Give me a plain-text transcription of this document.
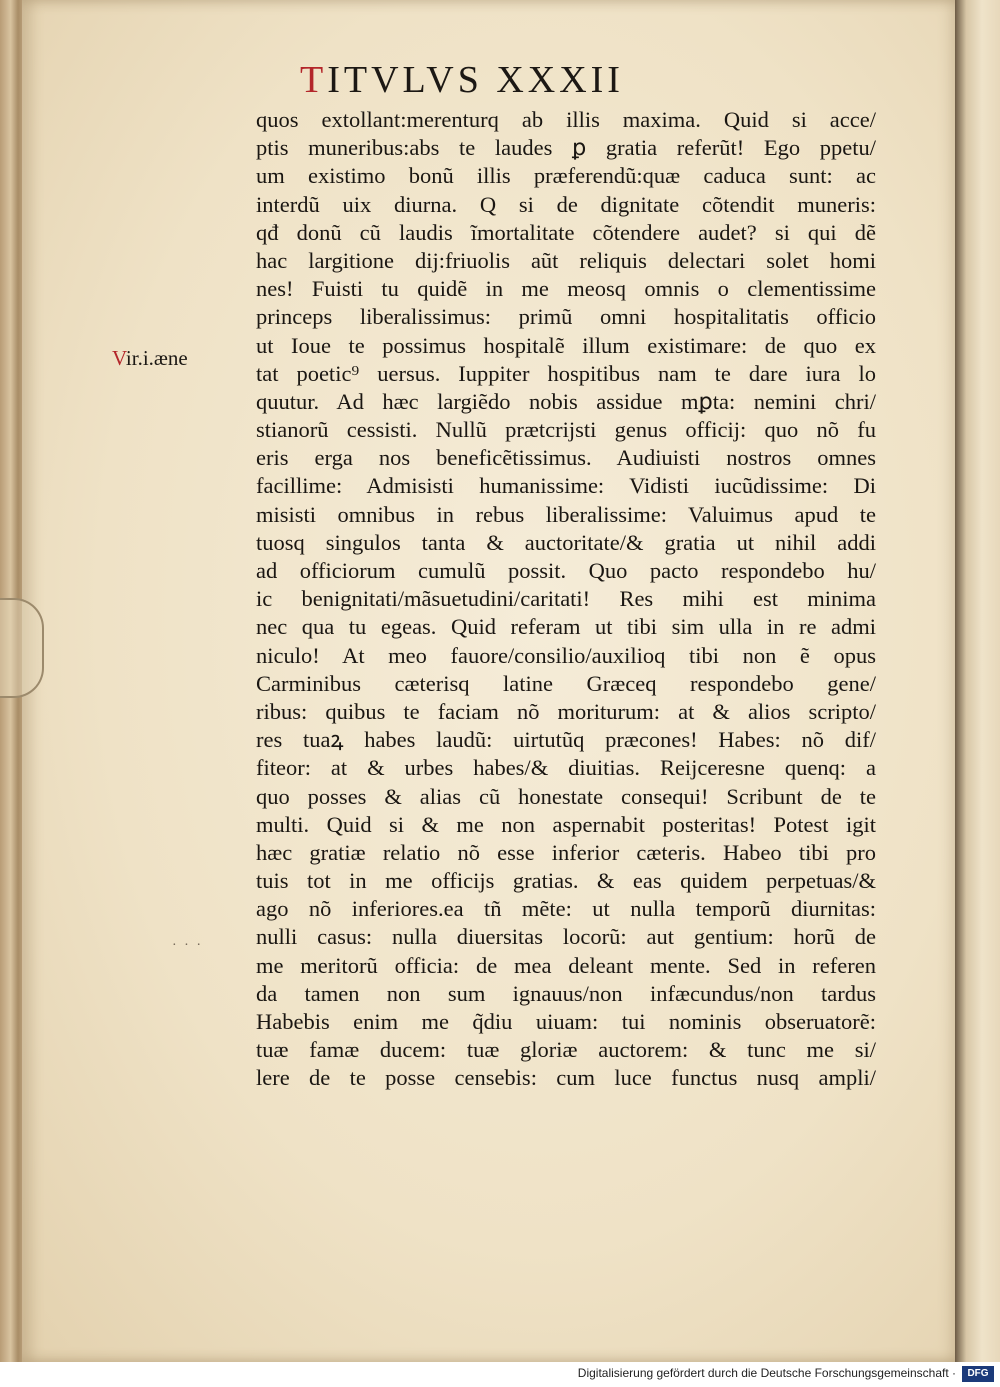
TITVLVS XXXII
Vir.i.æne
quos extollant:merenturq ab illis maxima. Quid si acce/
ptis muneribus:abs te laudes ꝑ gratia referũt! Ego ppetu/
um existimo bonũ illis præferendũ:quæ caduca sunt: ac
interdũ uix diurna. Q si de dignitate cõtendit muneris:
qđ donũ cũ laudis ĩmortalitate cõtendere audet? si qui dẽ
hac largitione dij:friuolis aũt reliquis delectari solet homi
nes! Fuisti tu quidẽ in me meosq omnis o clementissime
princeps liberalissimus: primũ omni hospitalitatis officio
ut Ioue te possimus hospitalẽ illum existimare: de quo ex
tat poetic⁹ uersus. Iuppiter hospitibus nam te dare iura lo
quutur. Ad hæc largiẽdo nobis assidue mꝑta: nemini chri/
stianorũ cessisti. Nullũ prætcrijsti genus officij: quo nõ fu
eris erga nos beneficẽtissimus. Audiuisti nostros omnes
facillime: Admisisti humanissime: Vidisti iucũdissime: Di
misisti omnibus in rebus liberalissime: Valuimus apud te
tuosq singulos tanta & auctoritate/& gratia ut nihil addi
ad officiorum cumulũ possit. Quo pacto respondebo hu/
ic benignitati/mãsuetudini/caritati! Res mihi est minima
nec qua tu egeas. Quid referam ut tibi sim ulla in re admi
niculo! At meo fauore/consilio/auxilioq tibi non ẽ opus
Carminibus cæterisq latine Græceq respondebo gene/
ribus: quibus te faciam nõ moriturum: at & alios scripto/
res tuaꝝ habes laudũ: uirtutũq præcones! Habes: nõ dif/
fiteor: at & urbes habes/& diuitias. Reijceresne quenq: a
quo posses & alias cũ honestate consequi! Scribunt de te
multi. Quid si & me non aspernabit posteritas! Potest igit
hæc gratiæ relatio nõ esse inferior cæteris. Habeo tibi pro
tuis tot in me officijs gratias. & eas quidem perpetuas/&
ago nõ inferiores.ea tñ mẽte: ut nulla temporũ diurnitas:
nulli casus: nulla diuersitas locorũ: aut gentium: horũ de
me meritorũ officia: de mea deleant mente. Sed in referen
da tamen non sum ignauus/non infæcundus/non tardus
Habebis enim me q̃diu uiuam: tui nominis obseruatorẽ:
tuæ famæ ducem: tuæ gloriæ auctorem: & tunc me si/
lere de te posse censebis: cum luce functus nusq ampli/
· · ·
Digitalisierung gefördert durch die Deutsche Forschungsgemeinschaft ·	DFG
